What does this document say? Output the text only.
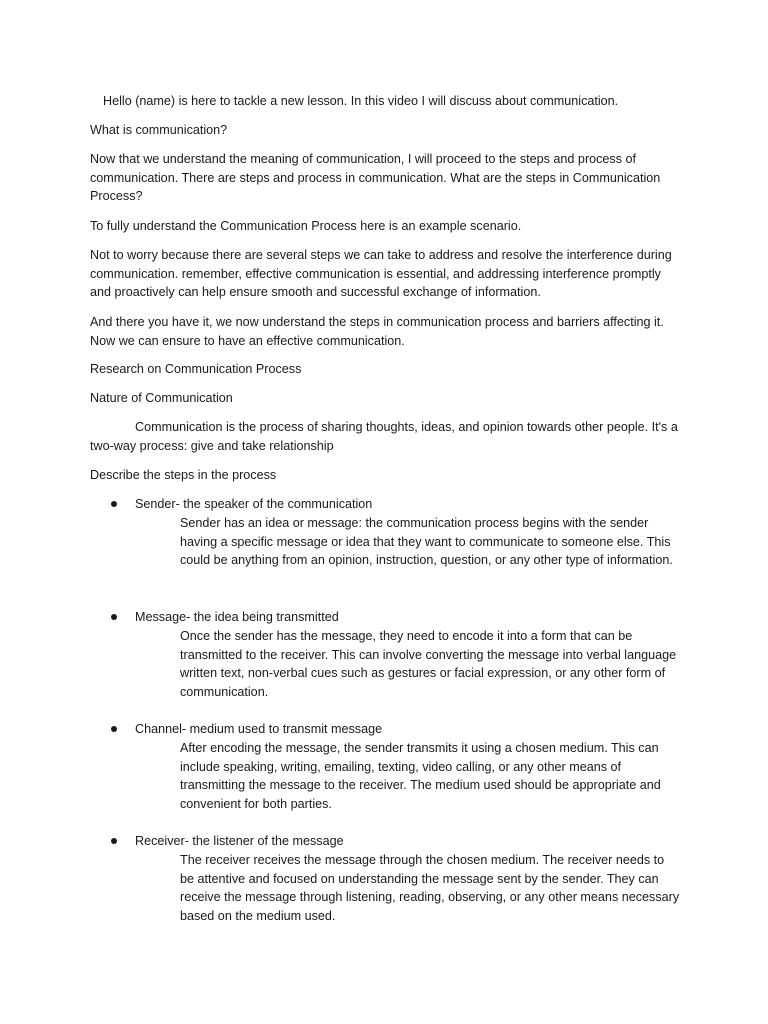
Hello (name) is here to tackle a new lesson. In this video I will discuss about communication.

What is communication?

Now that we understand the meaning of communication, I will proceed to the steps and process of communication. There are steps and process in communication. What are the steps in Communication Process?

To fully understand the Communication Process here is an example scenario.

Not to worry because there are several steps we can take to address and resolve the interference during communication. remember, effective communication is essential, and addressing interference promptly and proactively can help ensure smooth and successful exchange of information.

And there you have it, we now understand the steps in communication process and barriers affecting it. Now we can ensure to have an effective communication.

Research on Communication Process

Nature of Communication

Communication is the process of sharing thoughts, ideas, and opinion towards other people. It's a two-way process: give and take relationship

Describe the steps in the process

Sender- the speaker of the communication

Sender has an idea or message: the communication process begins with the sender having a specific message or idea that they want to communicate to someone else. This could be anything from an opinion, instruction, question, or any other type of information.

Message- the idea being transmitted

Once the sender has the message, they need to encode it into a form that can be transmitted to the receiver. This can involve converting the message into verbal language written text, non-verbal cues such as gestures or facial expression, or any other form of communication.

Channel- medium used to transmit message

After encoding the message, the sender transmits it using a chosen medium. This can include speaking, writing, emailing, texting, video calling, or any other means of transmitting the message to the receiver. The medium used should be appropriate and convenient for both parties.

Receiver- the listener of the message

The receiver receives the message through the chosen medium. The receiver needs to be attentive and focused on understanding the message sent by the sender. They can receive the message through listening, reading, observing, or any other means necessary based on the medium used.
